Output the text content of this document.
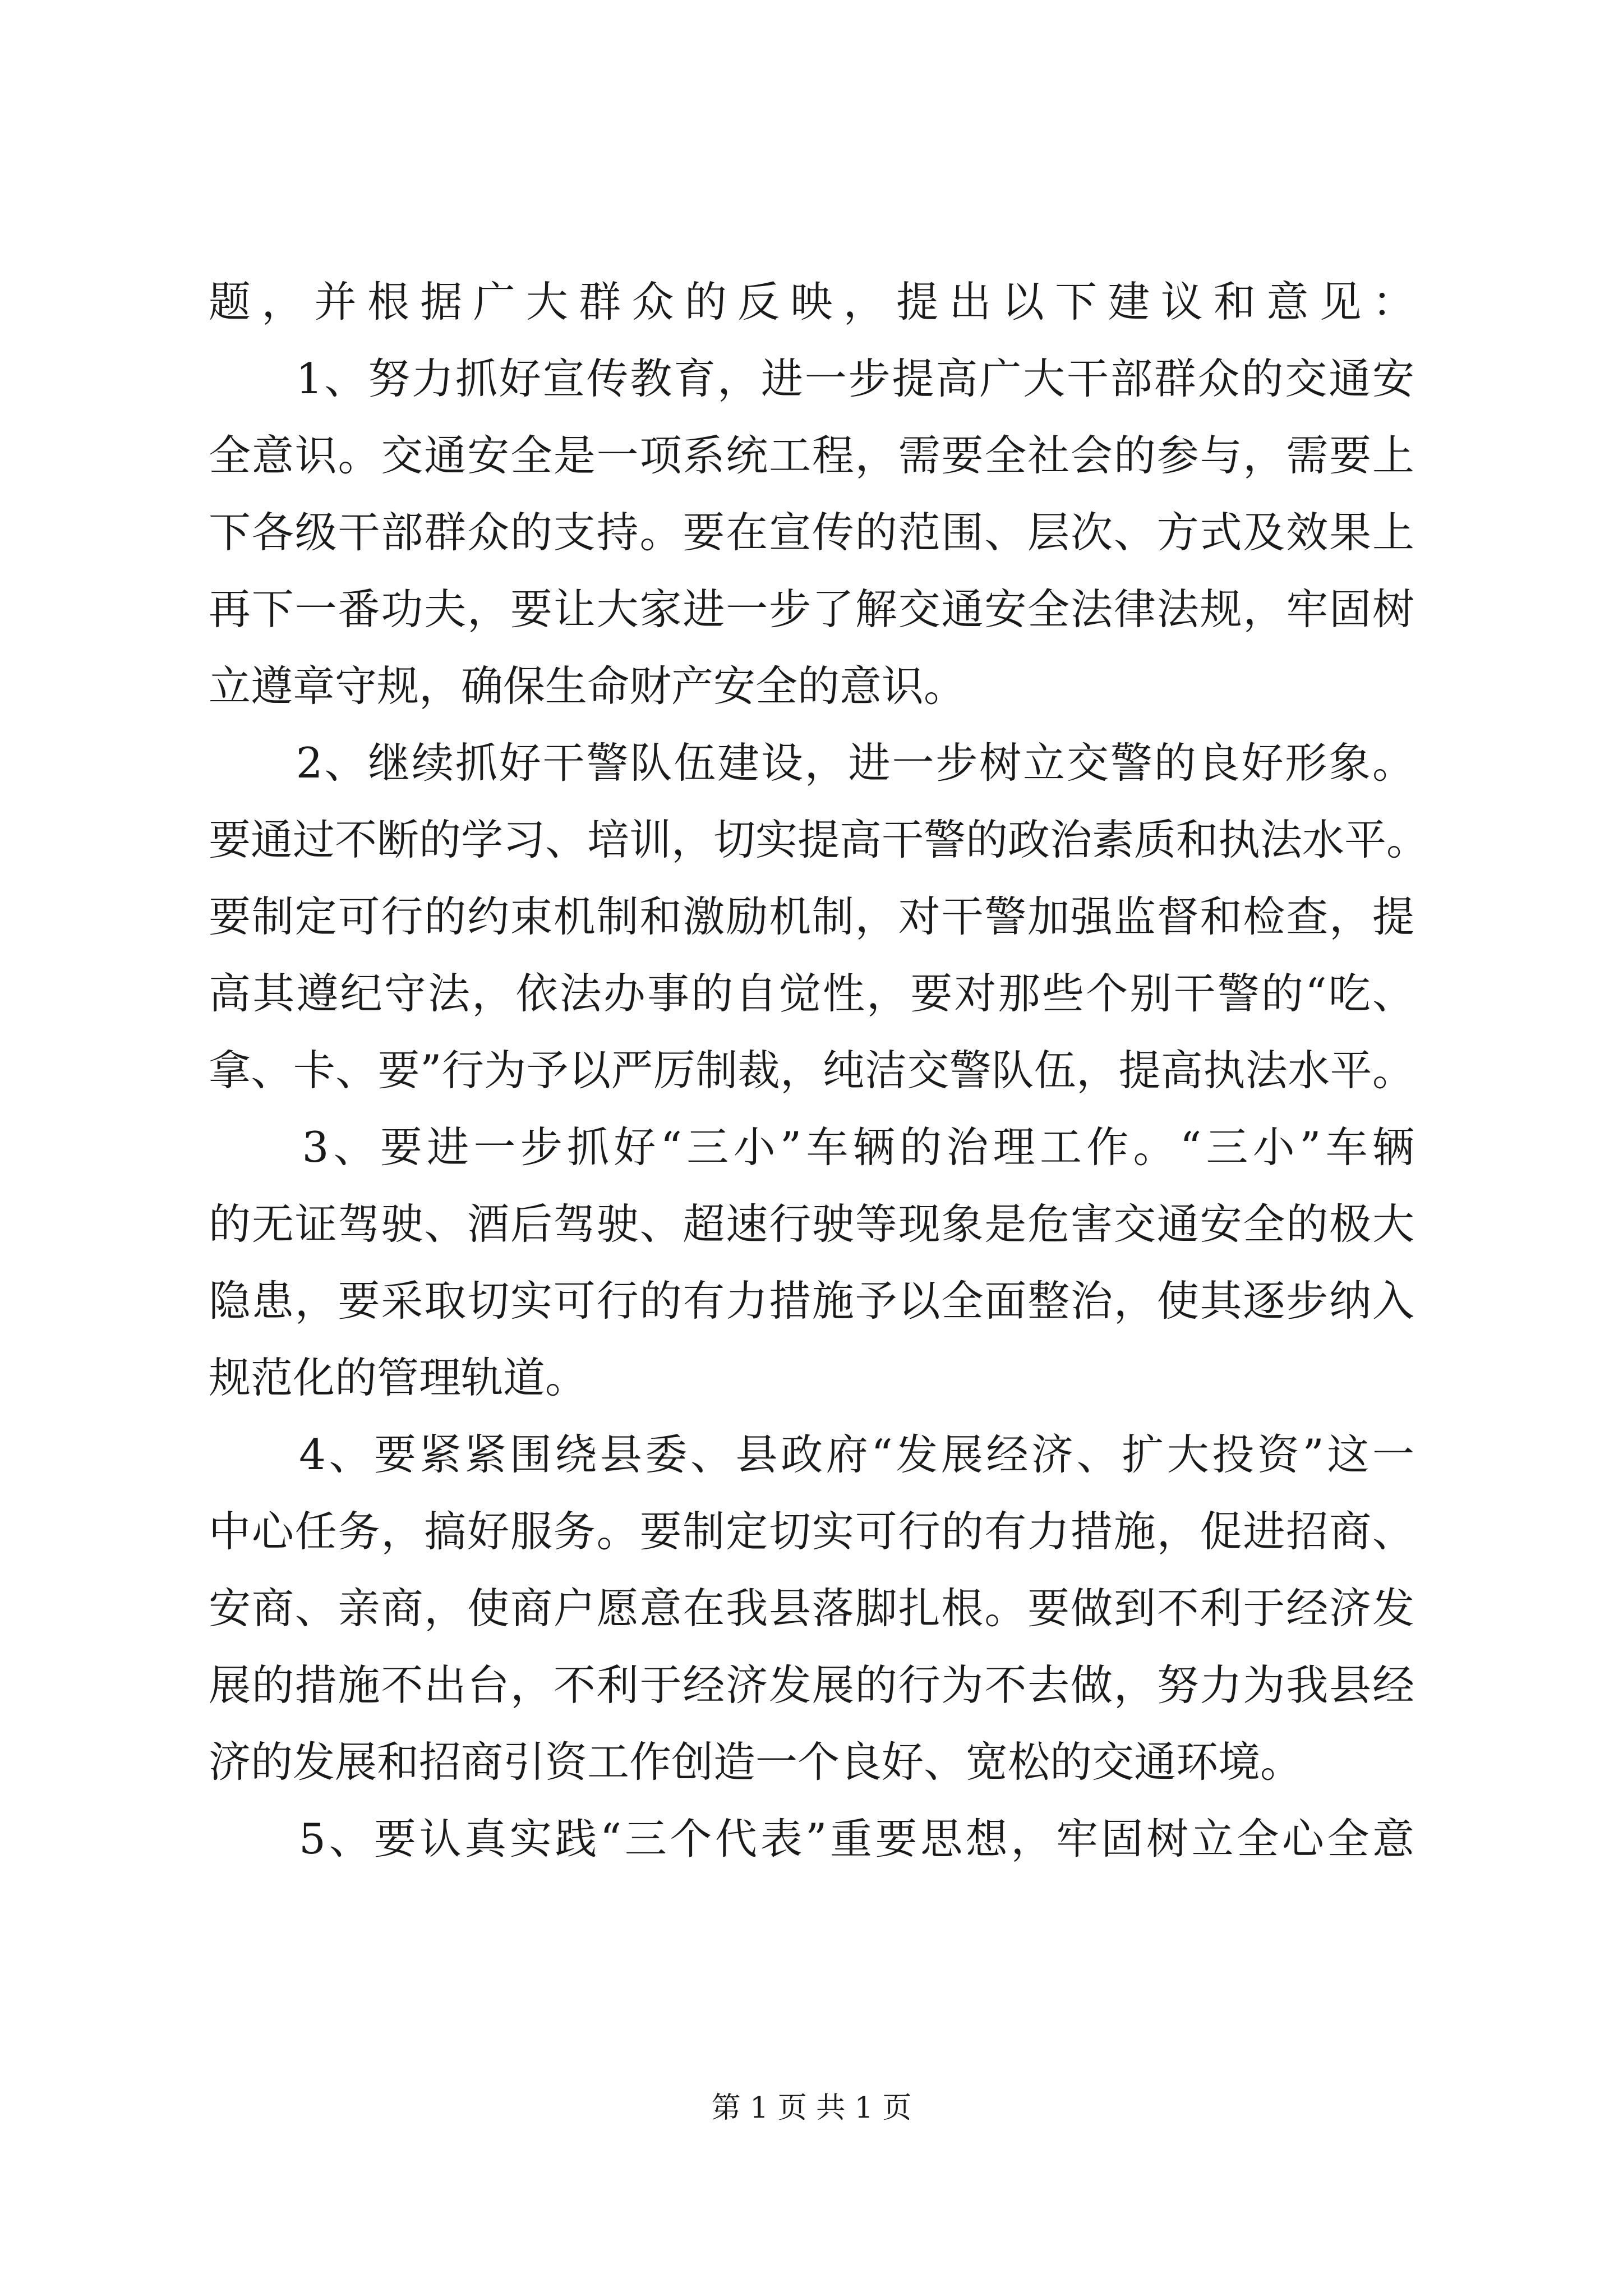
题，并根据广大群众的反映，提出以下建议和意见：
　　1、努力抓好宣传教育，进一步提高广大干部群众的交通安
全意识。交通安全是一项系统工程，需要全社会的参与，需要上
下各级干部群众的支持。要在宣传的范围、层次、方式及效果上
再下一番功夫，要让大家进一步了解交通安全法律法规，牢固树
立遵章守规，确保生命财产安全的意识。
　　2、继续抓好干警队伍建设，进一步树立交警的良好形象。
要通过不断的学习、培训，切实提高干警的政治素质和执法水平。
要制定可行的约束机制和激励机制，对干警加强监督和检查，提
高其遵纪守法，依法办事的自觉性，要对那些个别干警的“吃、
拿、卡、要”行为予以严厉制裁，纯洁交警队伍，提高执法水平。
　　3、要进一步抓好“三小”车辆的治理工作。“三小”车辆
的无证驾驶、酒后驾驶、超速行驶等现象是危害交通安全的极大
隐患，要采取切实可行的有力措施予以全面整治，使其逐步纳入
规范化的管理轨道。
　　4、要紧紧围绕县委、县政府“发展经济、扩大投资”这一
中心任务，搞好服务。要制定切实可行的有力措施，促进招商、
安商、亲商，使商户愿意在我县落脚扎根。要做到不利于经济发
展的措施不出台，不利于经济发展的行为不去做，努力为我县经
济的发展和招商引资工作创造一个良好、宽松的交通环境。
　　5、要认真实践“三个代表”重要思想，牢固树立全心全意
第 1 页 共 1 页
